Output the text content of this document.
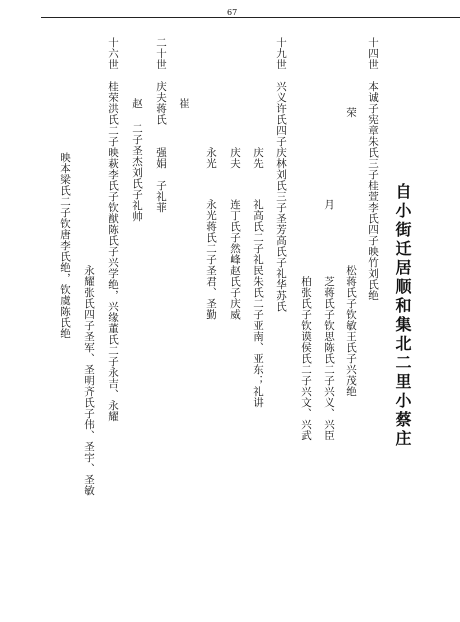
67
自小街迁居顺和集北二里小蔡庄
十四世　本诚子宪章朱氏三子桂萱李氏四子映竹刘氏绝
荣
松蒋氏子钦敏王氏子兴茂绝
月
芝蒋氏子钦思陈氏二子兴义、兴臣
柏张氏子钦谟侯氏二子兴文、兴武
十九世　兴义许氏四子庆林刘氏三子圣芳高氏子礼华苏氏
庆先
礼高氏二子礼民朱氏二子亚南、亚东；礼讲
庆夫
连丁氏子然峰赵氏子庆威
永光
永光蒋氏二子圣君、圣勤
二十世　庆夫蒋氏 崔
强娟　子礼菲
赵
二子圣杰刘氏子礼帅
十六世　桂荣洪氏二子映萩李氏子钦猷陈氏子兴学绝，兴缘董氏二子永吉、永耀
永耀张氏四子圣军、圣明齐氏子伟、圣宇、圣敏
映本梁氏二子钦唐李氏绝，钦虞陈氏绝
